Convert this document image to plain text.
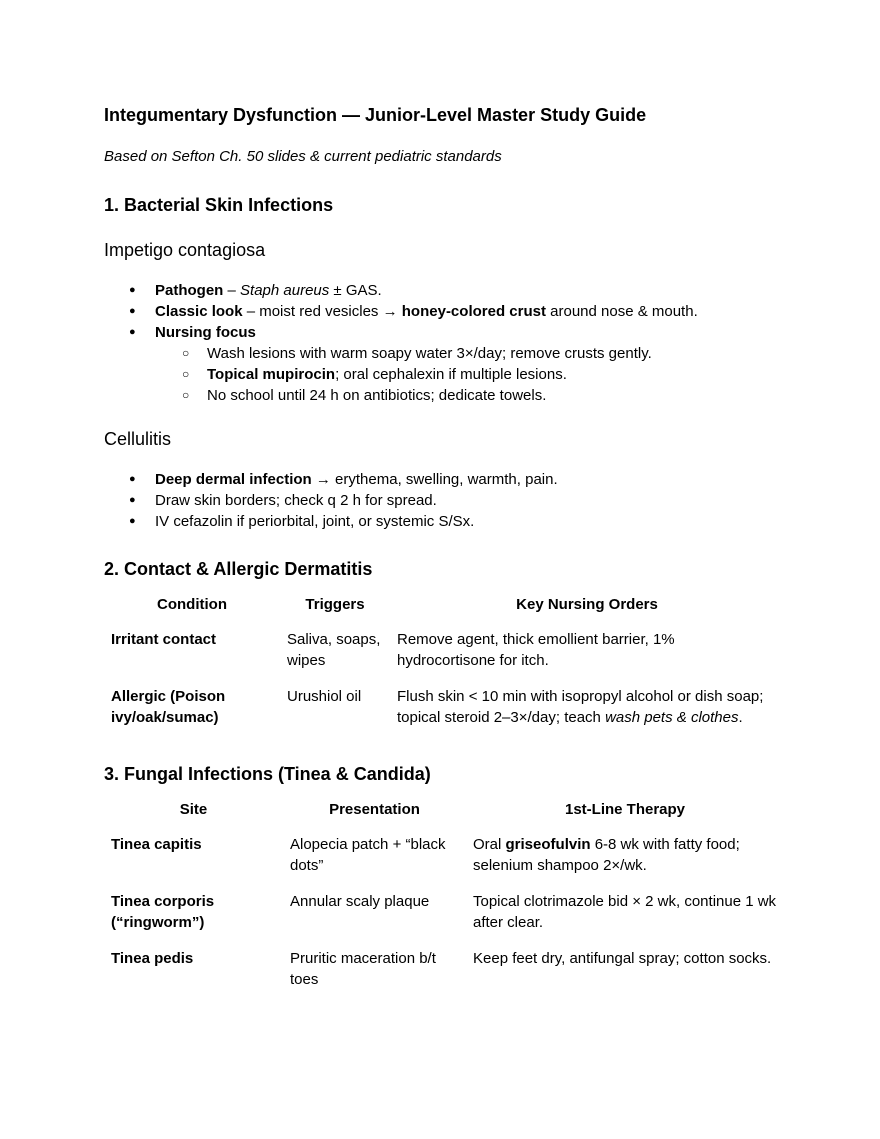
Integumentary Dysfunction — Junior-Level Master Study Guide
Based on Sefton Ch. 50 slides & current pediatric standards
1. Bacterial Skin Infections
Impetigo contagiosa
● Pathogen – Staph aureus ± GAS.
● Classic look – moist red vesicles → honey-colored crust around nose & mouth.
● Nursing focus
○ Wash lesions with warm soapy water 3×/day; remove crusts gently.
○ Topical mupirocin; oral cephalexin if multiple lesions.
○ No school until 24 h on antibiotics; dedicate towels.
Cellulitis
● Deep dermal infection → erythema, swelling, warmth, pain.
● Draw skin borders; check q 2 h for spread.
● IV cefazolin if periorbital, joint, or systemic S/Sx.
2. Contact & Allergic Dermatitis
Condition	Triggers	Key Nursing Orders
Irritant contact	Saliva, soaps, wipes	Remove agent, thick emollient barrier, 1% hydrocortisone for itch.
Allergic (Poison ivy/oak/sumac)	Urushiol oil	Flush skin < 10 min with isopropyl alcohol or dish soap; topical steroid 2–3×/day; teach wash pets & clothes.
3. Fungal Infections (Tinea & Candida)
Site	Presentation	1st-Line Therapy
Tinea capitis	Alopecia patch + “black dots”	Oral griseofulvin 6-8 wk with fatty food; selenium shampoo 2×/wk.
Tinea corporis (“ringworm”)	Annular scaly plaque	Topical clotrimazole bid × 2 wk, continue 1 wk after clear.
Tinea pedis	Pruritic maceration b/t toes	Keep feet dry, antifungal spray; cotton socks.
